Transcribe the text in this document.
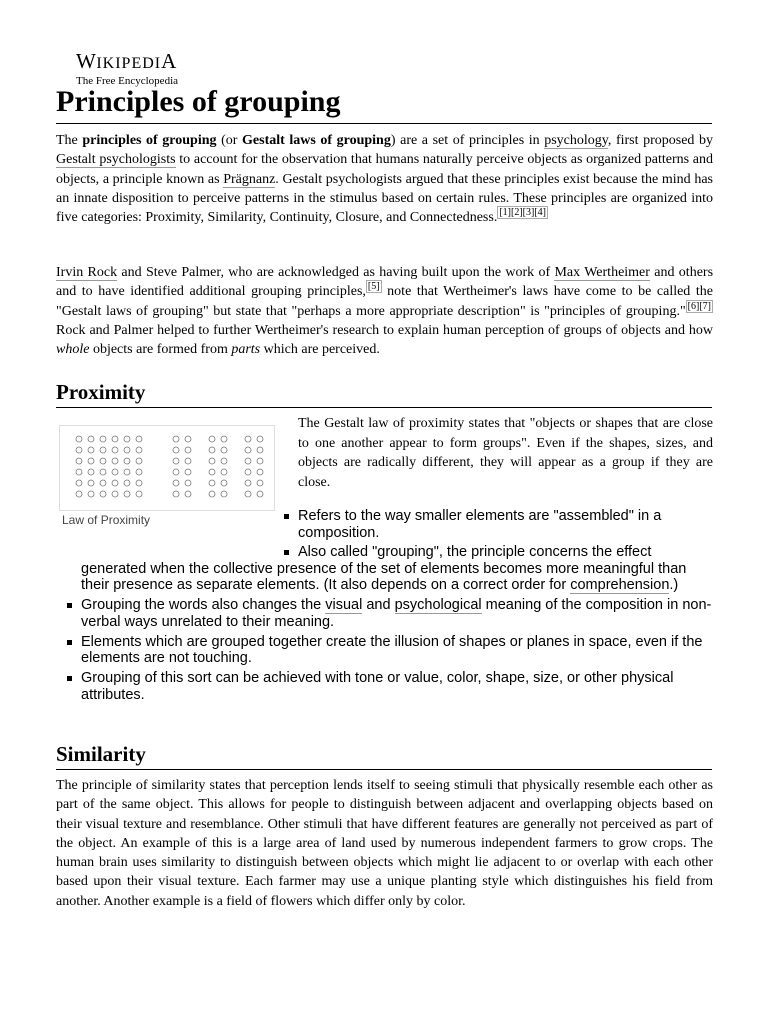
WIKIPEDIA
The Free Encyclopedia
Principles of grouping

The principles of grouping (or Gestalt laws of grouping) are a set of principles in psychology, first proposed by Gestalt psychologists to account for the observation that humans naturally perceive objects as organized patterns and objects, a principle known as Prägnanz. Gestalt psychologists argued that these principles exist because the mind has an innate disposition to perceive patterns in the stimulus based on certain rules. These principles are organized into five categories: Proximity, Similarity, Continuity, Closure, and Connectedness. [1][2][3][4]

Irvin Rock and Steve Palmer, who are acknowledged as having built upon the work of Max Wertheimer and others and to have identified additional grouping principles, [5] note that Wertheimer's laws have come to be called the "Gestalt laws of grouping" but state that "perhaps a more appropriate description" is "principles of grouping." [6][7] Rock and Palmer helped to further Wertheimer's research to explain human perception of groups of objects and how whole objects are formed from parts which are perceived.

Proximity
Law of Proximity

The Gestalt law of proximity states that "objects or shapes that are close to one another appear to form groups". Even if the shapes, sizes, and objects are radically different, they will appear as a group if they are close.

Refers to the way smaller elements are "assembled" in a composition.
Also called "grouping", the principle concerns the effect generated when the collective presence of the set of elements becomes more meaningful than their presence as separate elements. (It also depends on a correct order for comprehension.)
Grouping the words also changes the visual and psychological meaning of the composition in non-verbal ways unrelated to their meaning.
Elements which are grouped together create the illusion of shapes or planes in space, even if the elements are not touching.
Grouping of this sort can be achieved with tone or value, color, shape, size, or other physical attributes.
Similarity

The principle of similarity states that perception lends itself to seeing stimuli that physically resemble each other as part of the same object. This allows for people to distinguish between adjacent and overlapping objects based on their visual texture and resemblance. Other stimuli that have different features are generally not perceived as part of the object. An example of this is a large area of land used by numerous independent farmers to grow crops. The human brain uses similarity to distinguish between objects which might lie adjacent to or overlap with each other based upon their visual texture. Each farmer may use a unique planting style which distinguishes his field from another. Another example is a field of flowers which differ only by color.
